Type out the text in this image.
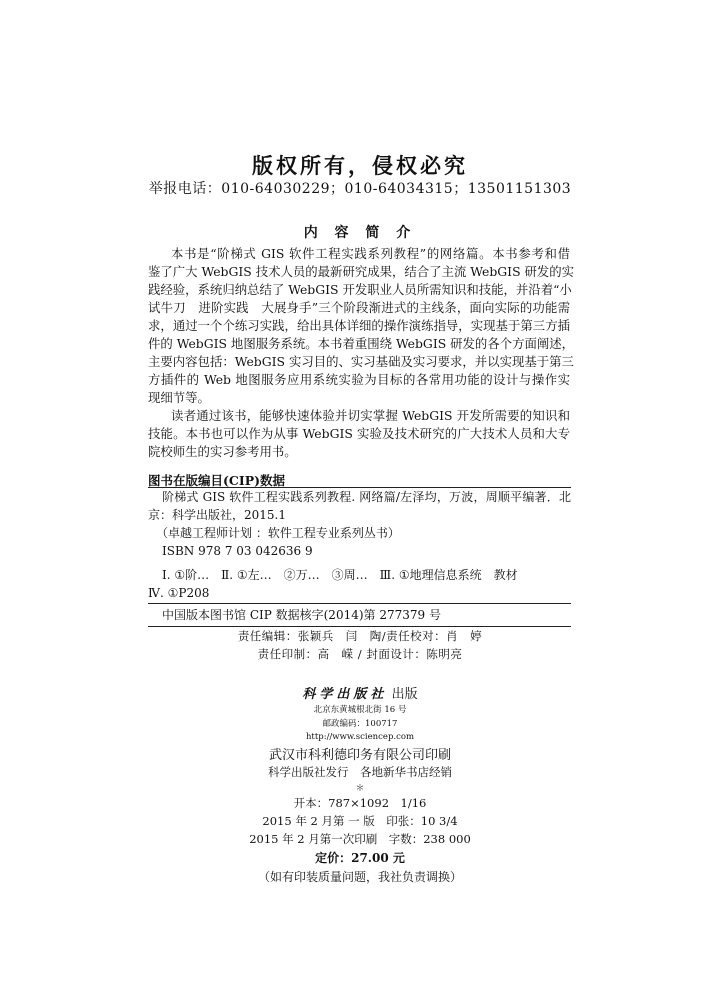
版权所有，侵权必究
举报电话：010-64030229；010-64034315；13501151303
内 容 简 介
本书是“阶梯式 GIS 软件工程实践系列教程”的网络篇。本书参考和借
鉴了广大 WebGIS 技术人员的最新研究成果，结合了主流 WebGIS 研发的实
践经验，系统归纳总结了 WebGIS 开发职业人员所需知识和技能，并沿着“小
试牛刀　进阶实践　大展身手”三个阶段渐进式的主线条，面向实际的功能需
求，通过一个个练习实践，给出具体详细的操作演练指导，实现基于第三方插
件的 WebGIS 地图服务系统。本书着重围绕 WebGIS 研发的各个方面阐述，
主要内容包括：WebGIS 实习目的、实习基础及实习要求，并以实现基于第三
方插件的 Web 地图服务应用系统实验为目标的各常用功能的设计与操作实
现细节等。
读者通过该书，能够快速体验并切实掌握 WebGIS 开发所需要的知识和
技能。本书也可以作为从事 WebGIS 实验及技术研究的广大技术人员和大专
院校师生的实习参考用书。
图书在版编目(CIP)数据
阶梯式 GIS 软件工程实践系列教程. 网络篇/左泽均，万波，周顺平编著．北
京：科学出版社，2015.1
（卓越工程师计划 ：软件工程专业系列丛书）
ISBN 978 7 03 042636 9
Ⅰ. ①阶…　Ⅱ. ①左…　②万…　③周…　Ⅲ. ①地理信息系统　教材
Ⅳ. ①P208
中国版本图书馆 CIP 数据核字(2014)第 277379 号
责任编辑：张颖兵　闫　陶/责任校对：肖　婷
责任印制：高　嵘 / 封面设计：陈明亮
科学出版社 出版
北京东黄城根北街 16 号
邮政编码：100717
http://www.sciencep.com
武汉市科利德印务有限公司印刷
科学出版社发行　各地新华书店经销
＊
开本：787×1092　1/16
2015 年 2 月第 一 版　印张：10 3/4
2015 年 2 月第一次印刷　字数：238 000
定价：27.00 元
（如有印装质量问题，我社负责调换）
